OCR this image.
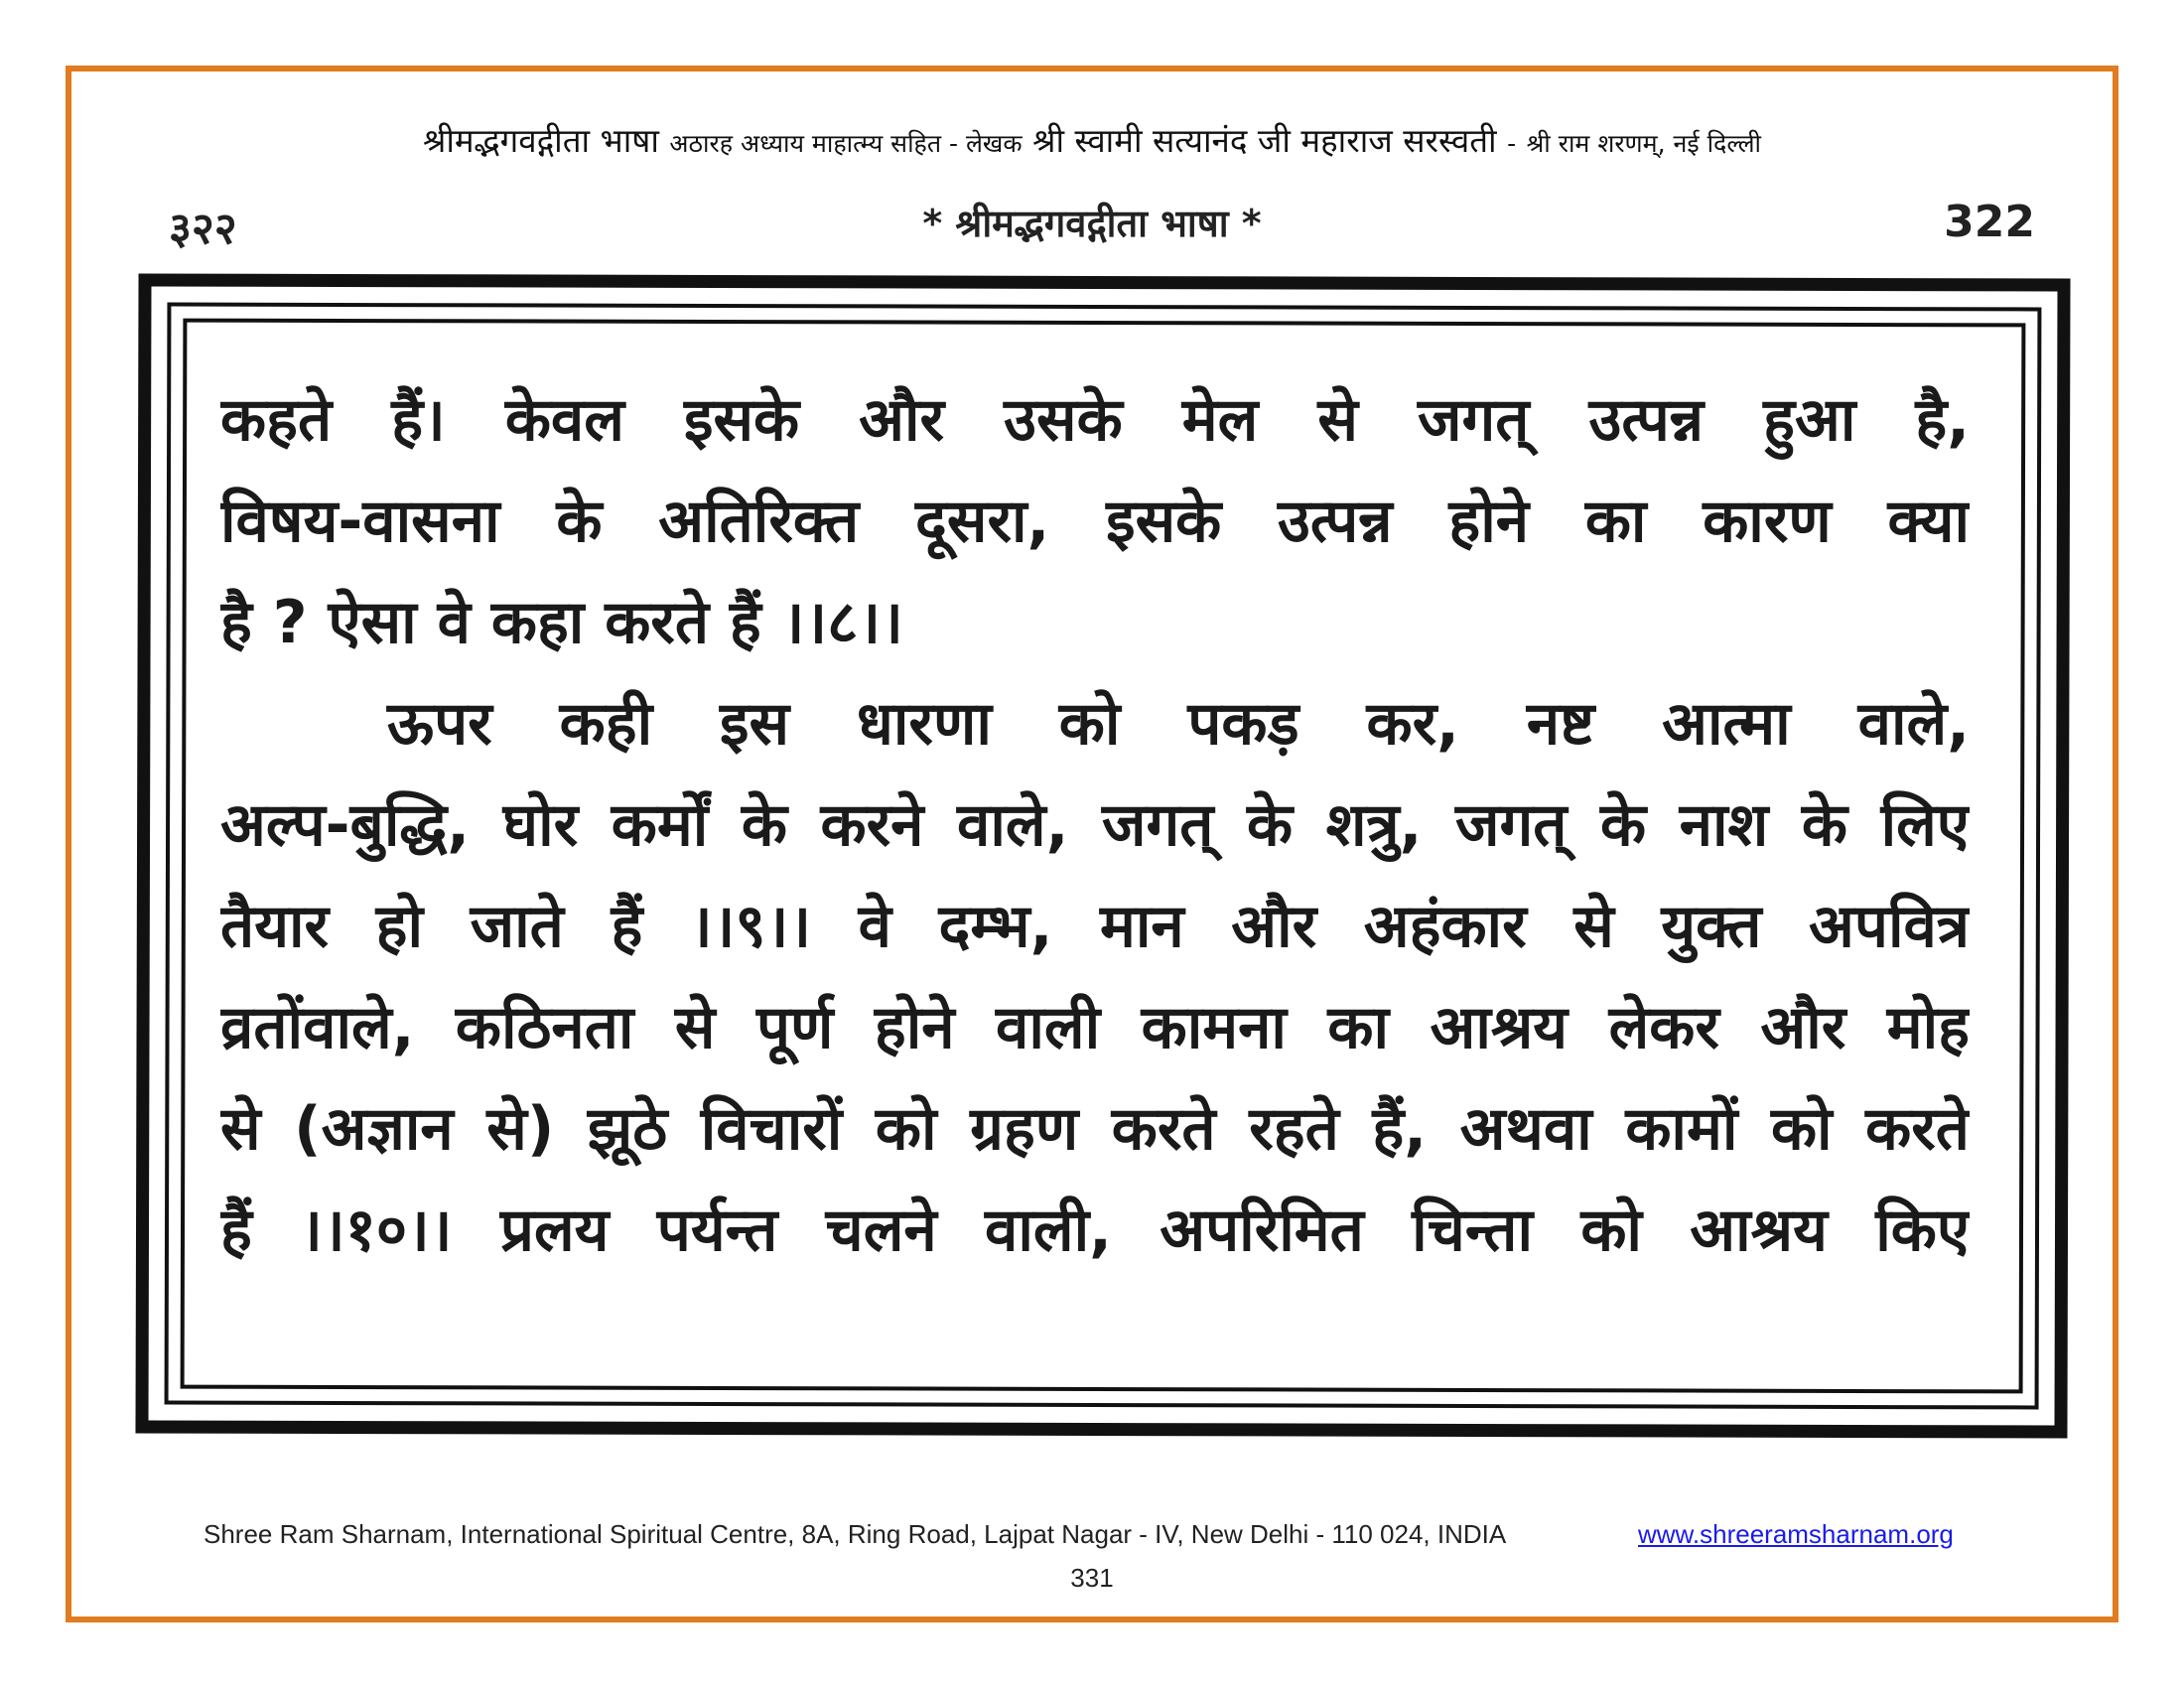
श्रीमद्भगवद्गीता भाषा अठारह अध्याय माहात्म्य सहित - लेखक श्री स्वामी सत्यानंद जी महाराज सरस्वती - श्री राम शरणम्, नई दिल्ली
* श्रीमद्भगवद्गीता भाषा *
३२२	322
कहते हैं। केवल इसके और उसके मेल से जगत् उत्पन्न हुआ है,
विषय-वासना के अतिरिक्त दूसरा, इसके उत्पन्न होने का कारण क्या
है ? ऐसा वे कहा करते हैं ।।८।।
ऊपर कही इस धारणा को पकड़ कर, नष्ट आत्मा वाले,
अल्प-बुद्धि, घोर कर्मों के करने वाले, जगत् के शत्रु, जगत् के नाश के लिए
तैयार हो जाते हैं ।।९।। वे दम्भ, मान और अहंकार से युक्त अपवित्र
व्रतोंवाले, कठिनता से पूर्ण होने वाली कामना का आश्रय लेकर और मोह
से (अज्ञान से) झूठे विचारों को ग्रहण करते रहते हैं, अथवा कामों को करते
हैं ।।१०।। प्रलय पर्यन्त चलने वाली, अपरिमित चिन्ता को आश्रय किए
Shree Ram Sharnam, International Spiritual Centre, 8A, Ring Road, Lajpat Nagar - IV, New Delhi - 110 024, INDIA	www.shreeramsharnam.org
331
